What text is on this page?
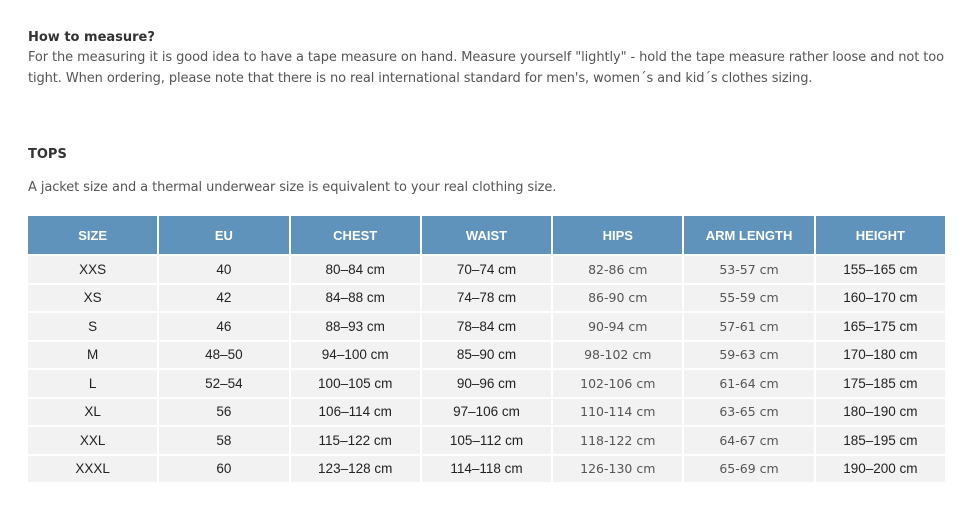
How to measure?

For the measuring it is good idea to have a tape measure on hand. Measure yourself "lightly" - hold the tape measure rather loose and not too tight. When ordering, please note that there is no real international standard for men's, women´s and kid´s clothes sizing.

TOPS

A jacket size and a thermal underwear size is equivalent to your real clothing size.

SIZE	EU	CHEST	WAIST	HIPS	ARM LENGTH	HEIGHT
XXS	40	80–84 cm	70–74 cm	82-86 cm	53-57 cm	155–165 cm
XS	42	84–88 cm	74–78 cm	86-90 cm	55-59 cm	160–170 cm
S	46	88–93 cm	78–84 cm	90-94 cm	57-61 cm	165–175 cm
M	48–50	94–100 cm	85–90 cm	98-102 cm	59-63 cm	170–180 cm
L	52–54	100–105 cm	90–96 cm	102-106 cm	61-64 cm	175–185 cm
XL	56	106–114 cm	97–106 cm	110-114 cm	63-65 cm	180–190 cm
XXL	58	115–122 cm	105–112 cm	118-122 cm	64-67 cm	185–195 cm
XXXL	60	123–128 cm	114–118 cm	126-130 cm	65-69 cm	190–200 cm
